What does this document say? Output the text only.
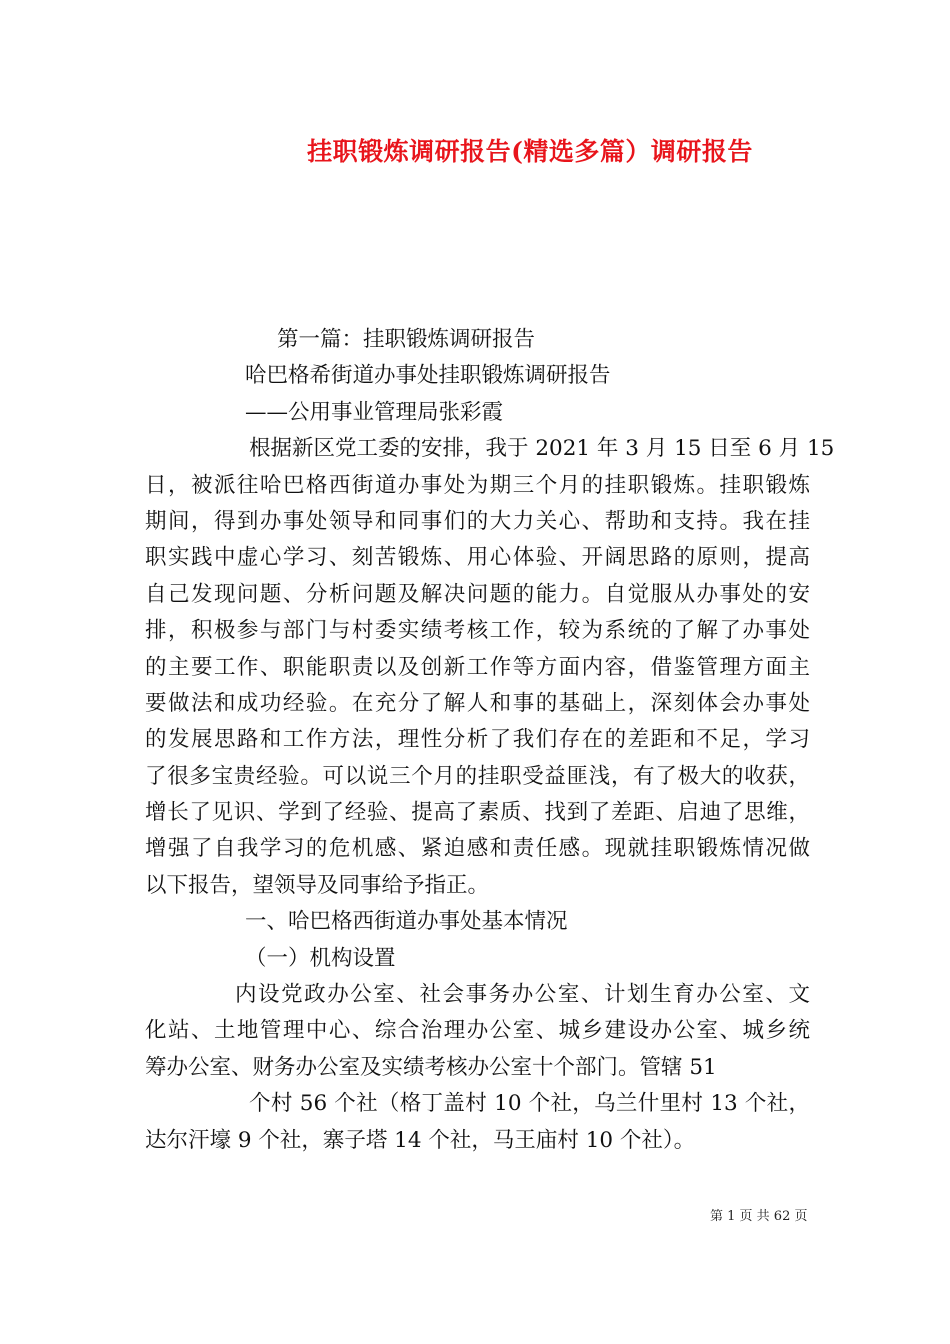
挂职锻炼调研报告(精选多篇）调研报告
第一篇：挂职锻炼调研报告
哈巴格希街道办事处挂职锻炼调研报告
——公用事业管理局张彩霞
根据新区党工委的安排，我于 2021 年 3 月 15 日至 6 月 15
日，被派往哈巴格西街道办事处为期三个月的挂职锻炼。挂职锻炼
期间，得到办事处领导和同事们的大力关心、帮助和支持。我在挂
职实践中虚心学习、刻苦锻炼、用心体验、开阔思路的原则，提高
自己发现问题、分析问题及解决问题的能力。自觉服从办事处的安
排，积极参与部门与村委实绩考核工作，较为系统的了解了办事处
的主要工作、职能职责以及创新工作等方面内容，借鉴管理方面主
要做法和成功经验。在充分了解人和事的基础上，深刻体会办事处
的发展思路和工作方法，理性分析了我们存在的差距和不足，学习
了很多宝贵经验。可以说三个月的挂职受益匪浅，有了极大的收获，
增长了见识、学到了经验、提高了素质、找到了差距、启迪了思维，
增强了自我学习的危机感、紧迫感和责任感。现就挂职锻炼情况做
以下报告，望领导及同事给予指正。
一、哈巴格西街道办事处基本情况
（一）机构设置
内设党政办公室、社会事务办公室、计划生育办公室、文
化站、土地管理中心、综合治理办公室、城乡建设办公室、城乡统
筹办公室、财务办公室及实绩考核办公室十个部门。管辖 51
个村 56 个社（格丁盖村 10 个社，乌兰什里村 13 个社，
达尔汗壕 9 个社，寨子塔 14 个社，马王庙村 10 个社）。
第 1 页 共 62 页
